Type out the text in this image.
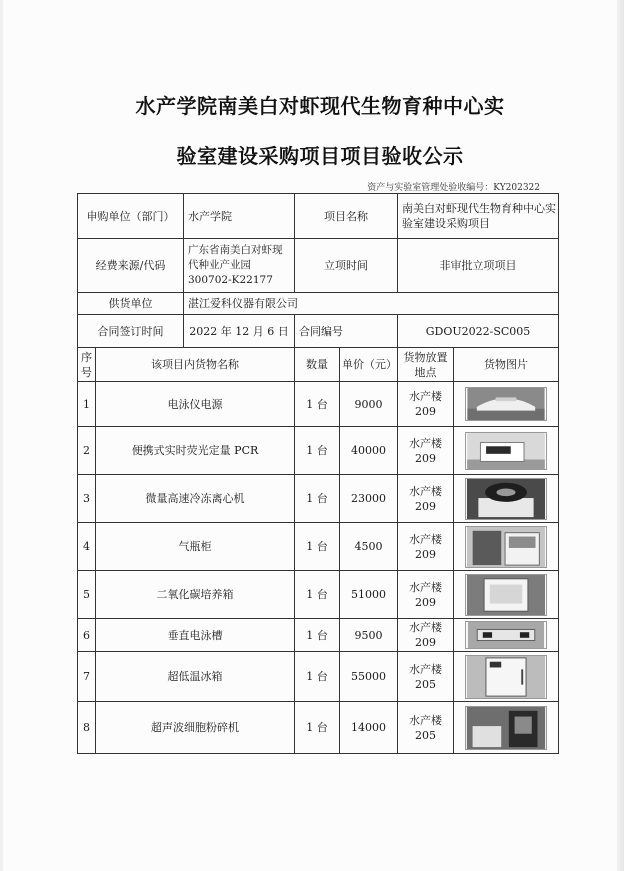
水产学院南美白对虾现代生物育种中心实
验室建设采购项目项目验收公示
资产与实验室管理处验收编号：KY202322
申购单位（部门）		水产学院	项目名称		南美白对虾现代生物育种中心实验室建设采购项目	
经费来源/代码		广东省南美白对虾现代种业产业园300702-K22177	立项时间		非审批立项项目	
供货单位		湛江爱科仪器有限公司				
合同签订时间		2022 年 12 月 6 日	合同编号		GDOU2022-SC005	
序号	该项目内货物名称		数量	单价（元）	货物放置地点	货物图片
1	电泳仪电源		1 台	9000	水产楼 209	

2	便携式实时荧光定量 PCR		1 台	40000	水产楼 209	

3	微量高速冷冻离心机		1 台	23000	水产楼 209	

4	气瓶柜		1 台	4500	水产楼 209	

5	二氧化碳培养箱		1 台	51000	水产楼 209	

6	垂直电泳槽		1 台	9500	水产楼 209	

7	超低温冰箱		1 台	55000	水产楼 205	

8	超声波细胞粉碎机		1 台	14000	水产楼 205	
